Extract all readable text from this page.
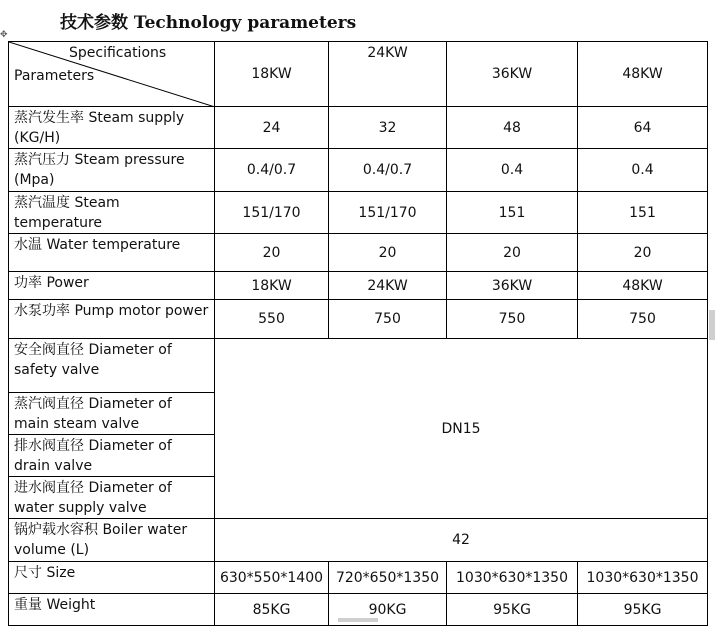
技术参数 Technology parameters
✥
Specifications
Parameters	18KW	24KW	36KW	48KW
蒸汽发生率 Steam supply (KG/H)	24	32	48	64
蒸汽压力 Steam pressure (Mpa)	0.4/0.7	0.4/0.7	0.4	0.4
蒸汽温度 Steam temperature	151/170	151/170	151	151
水温 Water temperature	20	20	20	20
功率 Power	18KW	24KW	36KW	48KW
水泵功率 Pump motor power	550	750	750	750
安全阀直径 Diameter of safety valve	DN15			
蒸汽阀直径 Diameter of main steam valve				
排水阀直径 Diameter of drain valve				
进水阀直径 Diameter of water supply valve				
锅炉载水容积 Boiler water volume (L)	42			
尺寸 Size	630*550*1400	720*650*1350	1030*630*1350	1030*630*1350
重量 Weight	85KG	90KG	95KG	95KG
